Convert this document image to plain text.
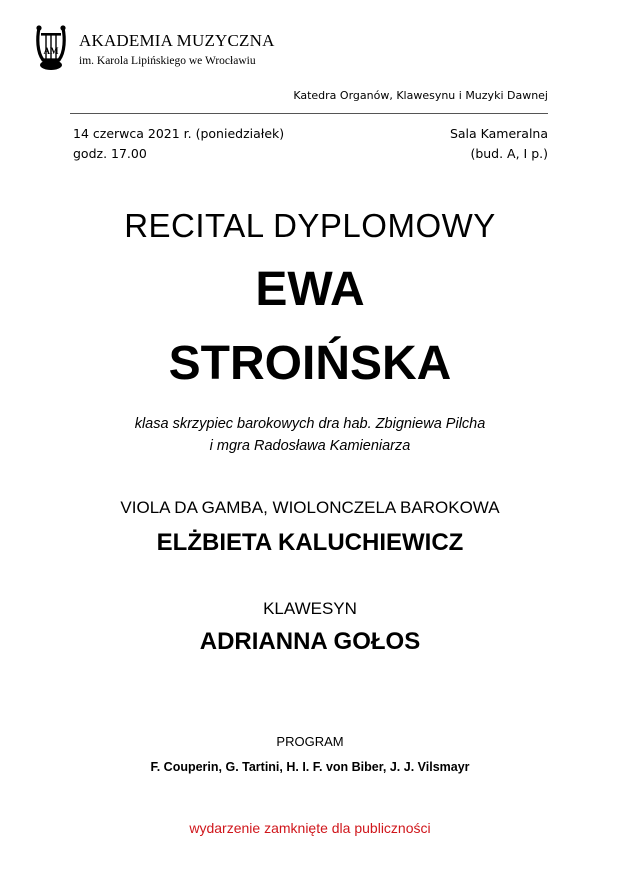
AM
AKADEMIA MUZYCZNA
im. Karola Lipińskiego we Wrocławiu
Katedra Organów, Klawesynu i Muzyki Dawnej
14 czerwca 2021 r. (poniedziałek)
godz. 17.00
Sala Kameralna
(bud. A, I p.)
RECITAL DYPLOMOWY
EWA
STROIŃSKA
klasa skrzypiec barokowych dra hab. Zbigniewa Pilcha
i mgra Radosława Kamieniarza
VIOLA DA GAMBA, WIOLONCZELA BAROKOWA
ELŻBIETA KALUCHIEWICZ
KLAWESYN
ADRIANNA GOŁOS
PROGRAM
F. Couperin, G. Tartini, H. I. F. von Biber, J. J. Vilsmayr
wydarzenie zamknięte dla publiczności
